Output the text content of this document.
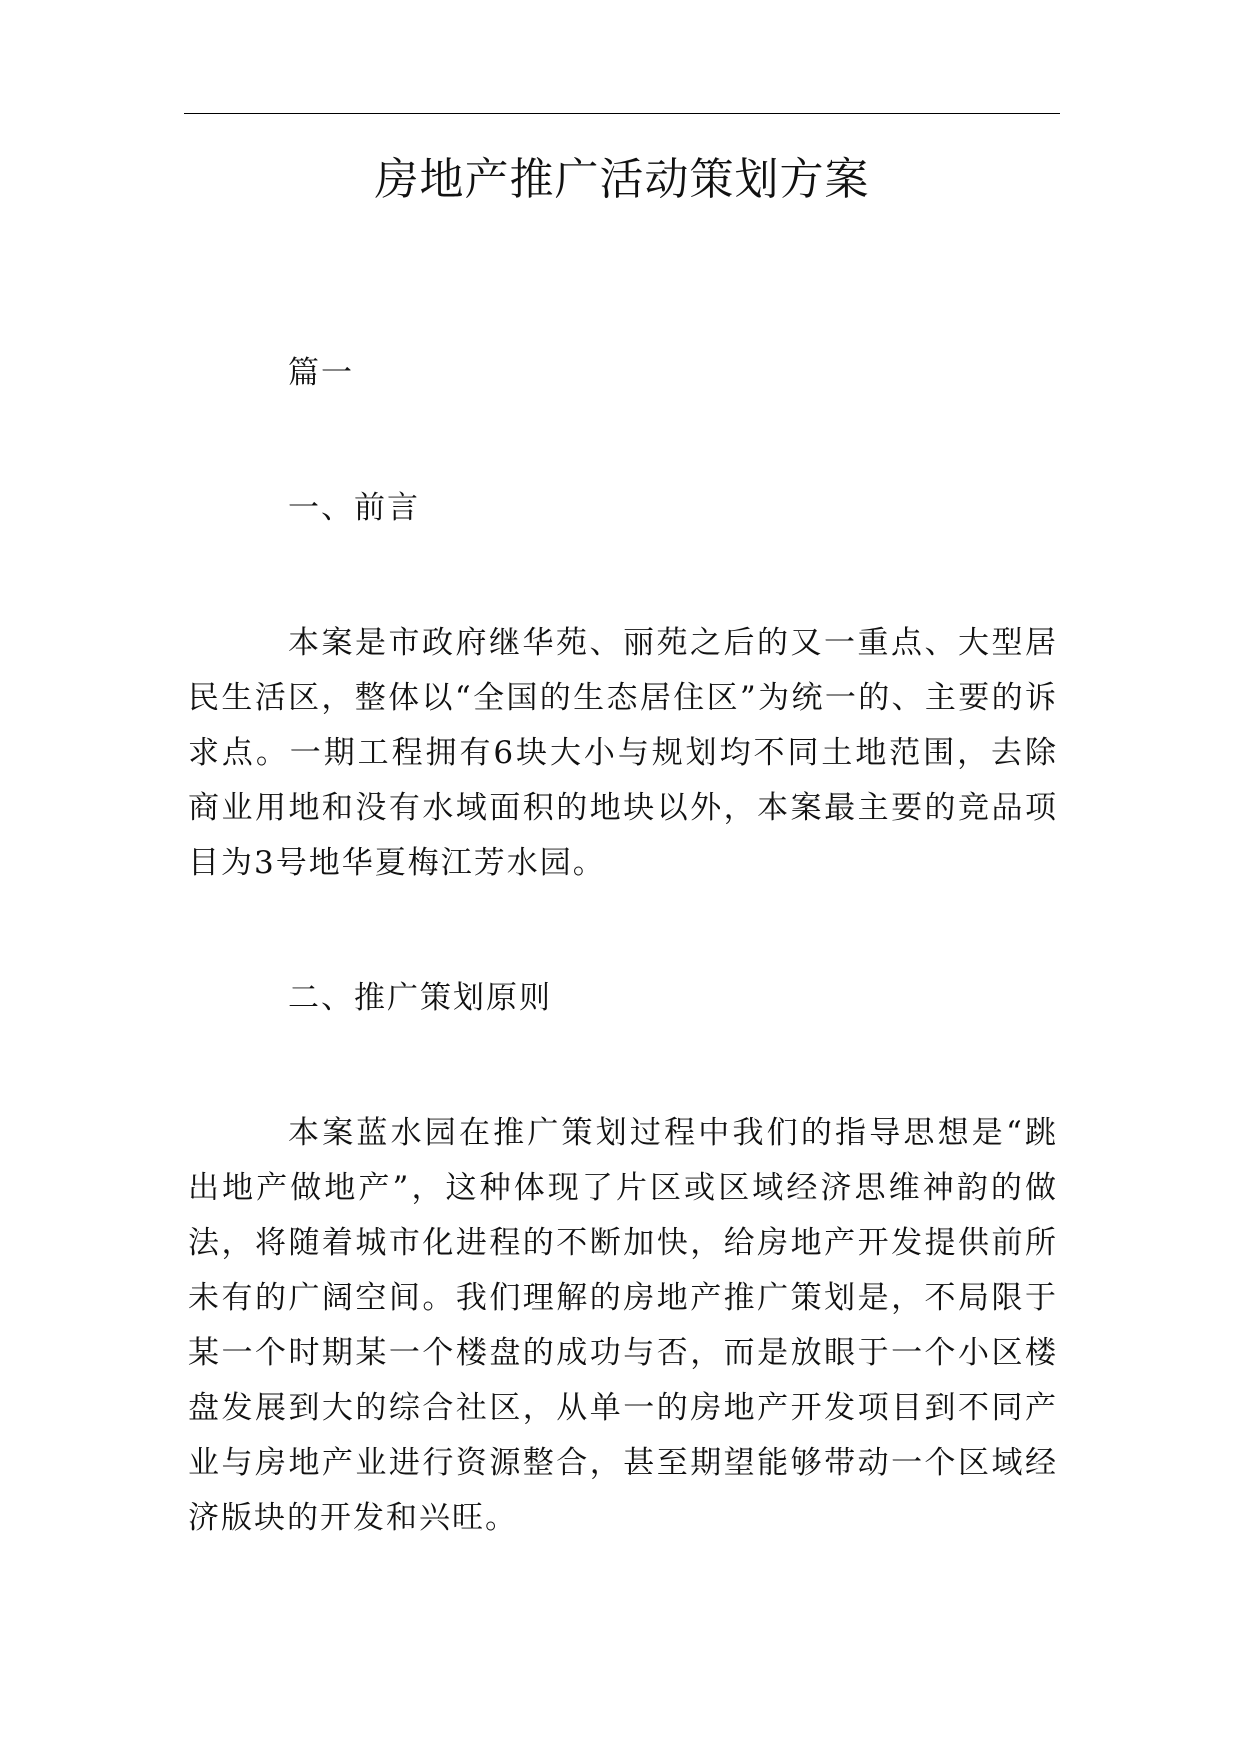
房地产推广活动策划方案

篇一

一、前言

本案是市政府继华苑、丽苑之后的又一重点、大型居民生活区，整体以“全国的生态居住区”为统一的、主要的诉求点。一期工程拥有6块大小与规划均不同土地范围，去除商业用地和没有水域面积的地块以外，本案最主要的竞品项目为3号地华夏梅江芳水园。

二、推广策划原则

本案蓝水园在推广策划过程中我们的指导思想是“跳出地产做地产”，这种体现了片区或区域经济思维神韵的做法，将随着城市化进程的不断加快，给房地产开发提供前所未有的广阔空间。我们理解的房地产推广策划是，不局限于某一个时期某一个楼盘的成功与否，而是放眼于一个小区楼盘发展到大的综合社区，从单一的房地产开发项目到不同产业与房地产业进行资源整合，甚至期望能够带动一个区域经济版块的开发和兴旺。
